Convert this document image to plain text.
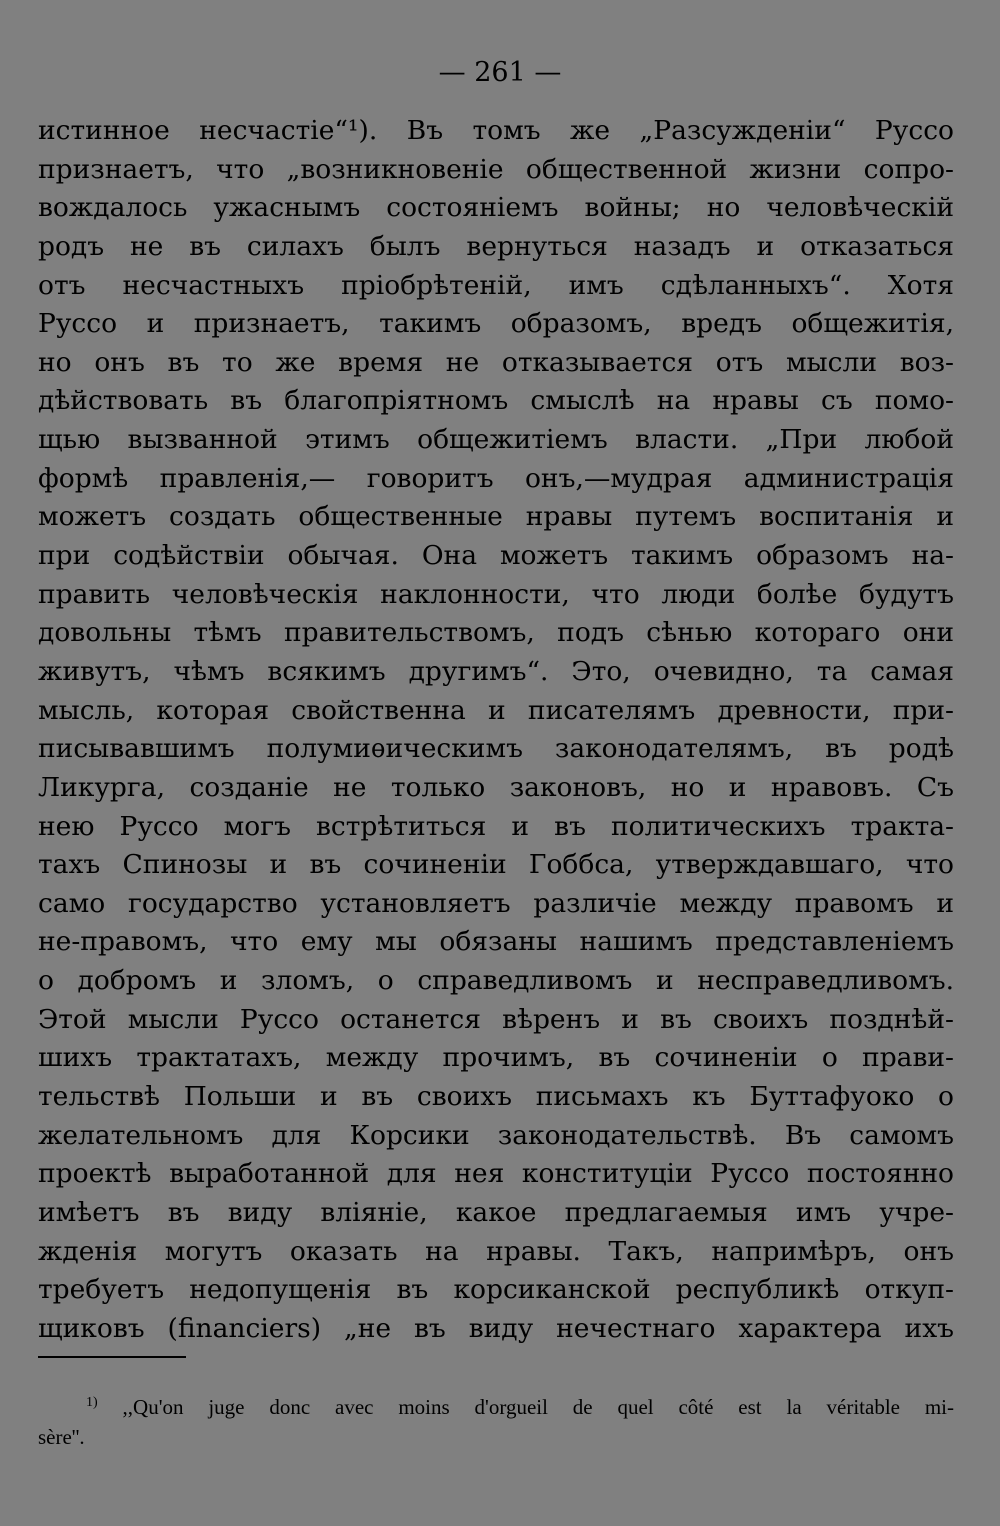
— 261 —
истинное несчастіе“¹). Въ томъ же „Разсужденіи“ Руссо
признаетъ, что „возникновеніе общественной жизни сопро-
вождалось ужаснымъ состояніемъ войны; но человѣческій
родъ не въ силахъ былъ вернуться назадъ и отказаться
отъ несчастныхъ пріобрѣтеній, имъ сдѣланныхъ“. Хотя
Руссо и признаетъ, такимъ образомъ, вредъ общежитія,
но онъ въ то же время не отказывается отъ мысли воз-
дѣйствовать въ благопріятномъ смыслѣ на нравы съ помо-
щью вызванной этимъ общежитіемъ власти. „При любой
формѣ правленія,— говоритъ онъ,—мудрая администрація
можетъ создать общественные нравы путемъ воспитанія и
при содѣйствіи обычая. Она можетъ такимъ образомъ на-
править человѣческія наклонности, что люди болѣе будутъ
довольны тѣмъ правительствомъ, подъ сѣнью котораго они
живутъ, чѣмъ всякимъ другимъ“. Это, очевидно, та самая
мысль, которая свойственна и писателямъ древности, при-
писывавшимъ полумиѳическимъ законодателямъ, въ родѣ
Ликурга, созданіе не только законовъ, но и нравовъ. Съ
нею Руссо могъ встрѣтиться и въ политическихъ тракта-
тахъ Спинозы и въ сочиненіи Гоббса, утверждавшаго, что
само государство установляетъ различіе между правомъ и
не-правомъ, что ему мы обязаны нашимъ представленіемъ
о добромъ и зломъ, о справедливомъ и несправедливомъ.
Этой мысли Руссо останется вѣренъ и въ своихъ позднѣй-
шихъ трактатахъ, между прочимъ, въ сочиненіи о прави-
тельствѣ Польши и въ своихъ письмахъ къ Буттафуоко о
желательномъ для Корсики законодательствѣ. Въ самомъ
проектѣ выработанной для нея конституціи Руссо постоянно
имѣетъ въ виду вліяніе, какое предлагаемыя имъ учре-
жденія могутъ оказать на нравы. Такъ, напримѣръ, онъ
требуетъ недопущенія въ корсиканской республикѣ откуп-
щиковъ (financiers) „не въ виду нечестнаго характера ихъ
$^{1)}$ ,,Qu'on juge donc avec moins d'orgueil de quel côté est la véritable mi-
sère''.
